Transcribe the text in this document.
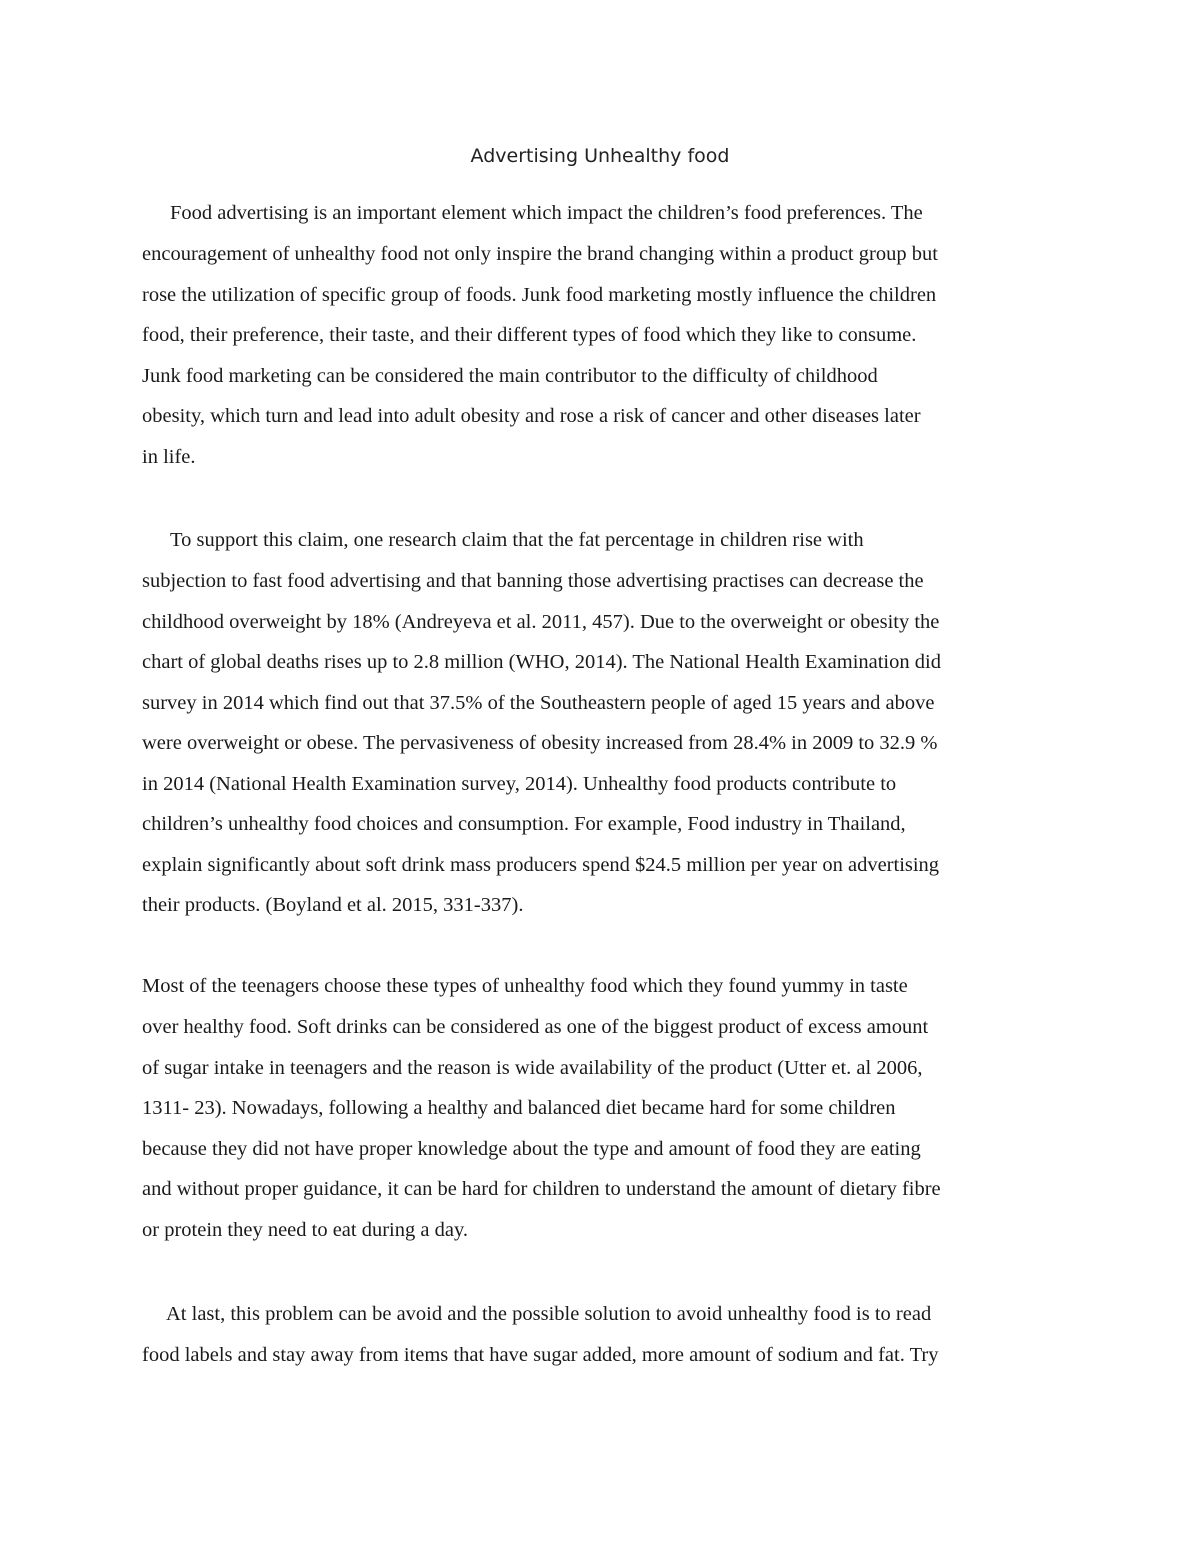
Advertising Unhealthy food

Food advertising is an important element which impact the children’s food preferences. The

encouragement of unhealthy food not only inspire the brand changing within a product group but

rose the utilization of specific group of foods. Junk food marketing mostly influence the children

food, their preference, their taste, and their different types of food which they like to consume.

Junk food marketing can be considered the main contributor to the difficulty of childhood

obesity, which turn and lead into adult obesity and rose a risk of cancer and other diseases later

in life.

To support this claim, one research claim that the fat percentage in children rise with

subjection to fast food advertising and that banning those advertising practises can decrease the

childhood overweight by 18% (Andreyeva et al. 2011, 457). Due to the overweight or obesity the

chart of global deaths rises up to 2.8 million (WHO, 2014). The National Health Examination did

survey in 2014 which find out that 37.5% of the Southeastern people of aged 15 years and above

were overweight or obese. The pervasiveness of obesity increased from 28.4% in 2009 to 32.9 %

in 2014 (National Health Examination survey, 2014). Unhealthy food products contribute to

children’s unhealthy food choices and consumption. For example, Food industry in Thailand,

explain significantly about soft drink mass producers spend $24.5 million per year on advertising

their products. (Boyland et al. 2015, 331-337).

Most of the teenagers choose these types of unhealthy food which they found yummy in taste

over healthy food. Soft drinks can be considered as one of the biggest product of excess amount

of sugar intake in teenagers and the reason is wide availability of the product (Utter et. al 2006,

1311- 23). Nowadays, following a healthy and balanced diet became hard for some children

because they did not have proper knowledge about the type and amount of food they are eating

and without proper guidance, it can be hard for children to understand the amount of dietary fibre

or protein they need to eat during a day.

At last, this problem can be avoid and the possible solution to avoid unhealthy food is to read

food labels and stay away from items that have sugar added, more amount of sodium and fat. Try
